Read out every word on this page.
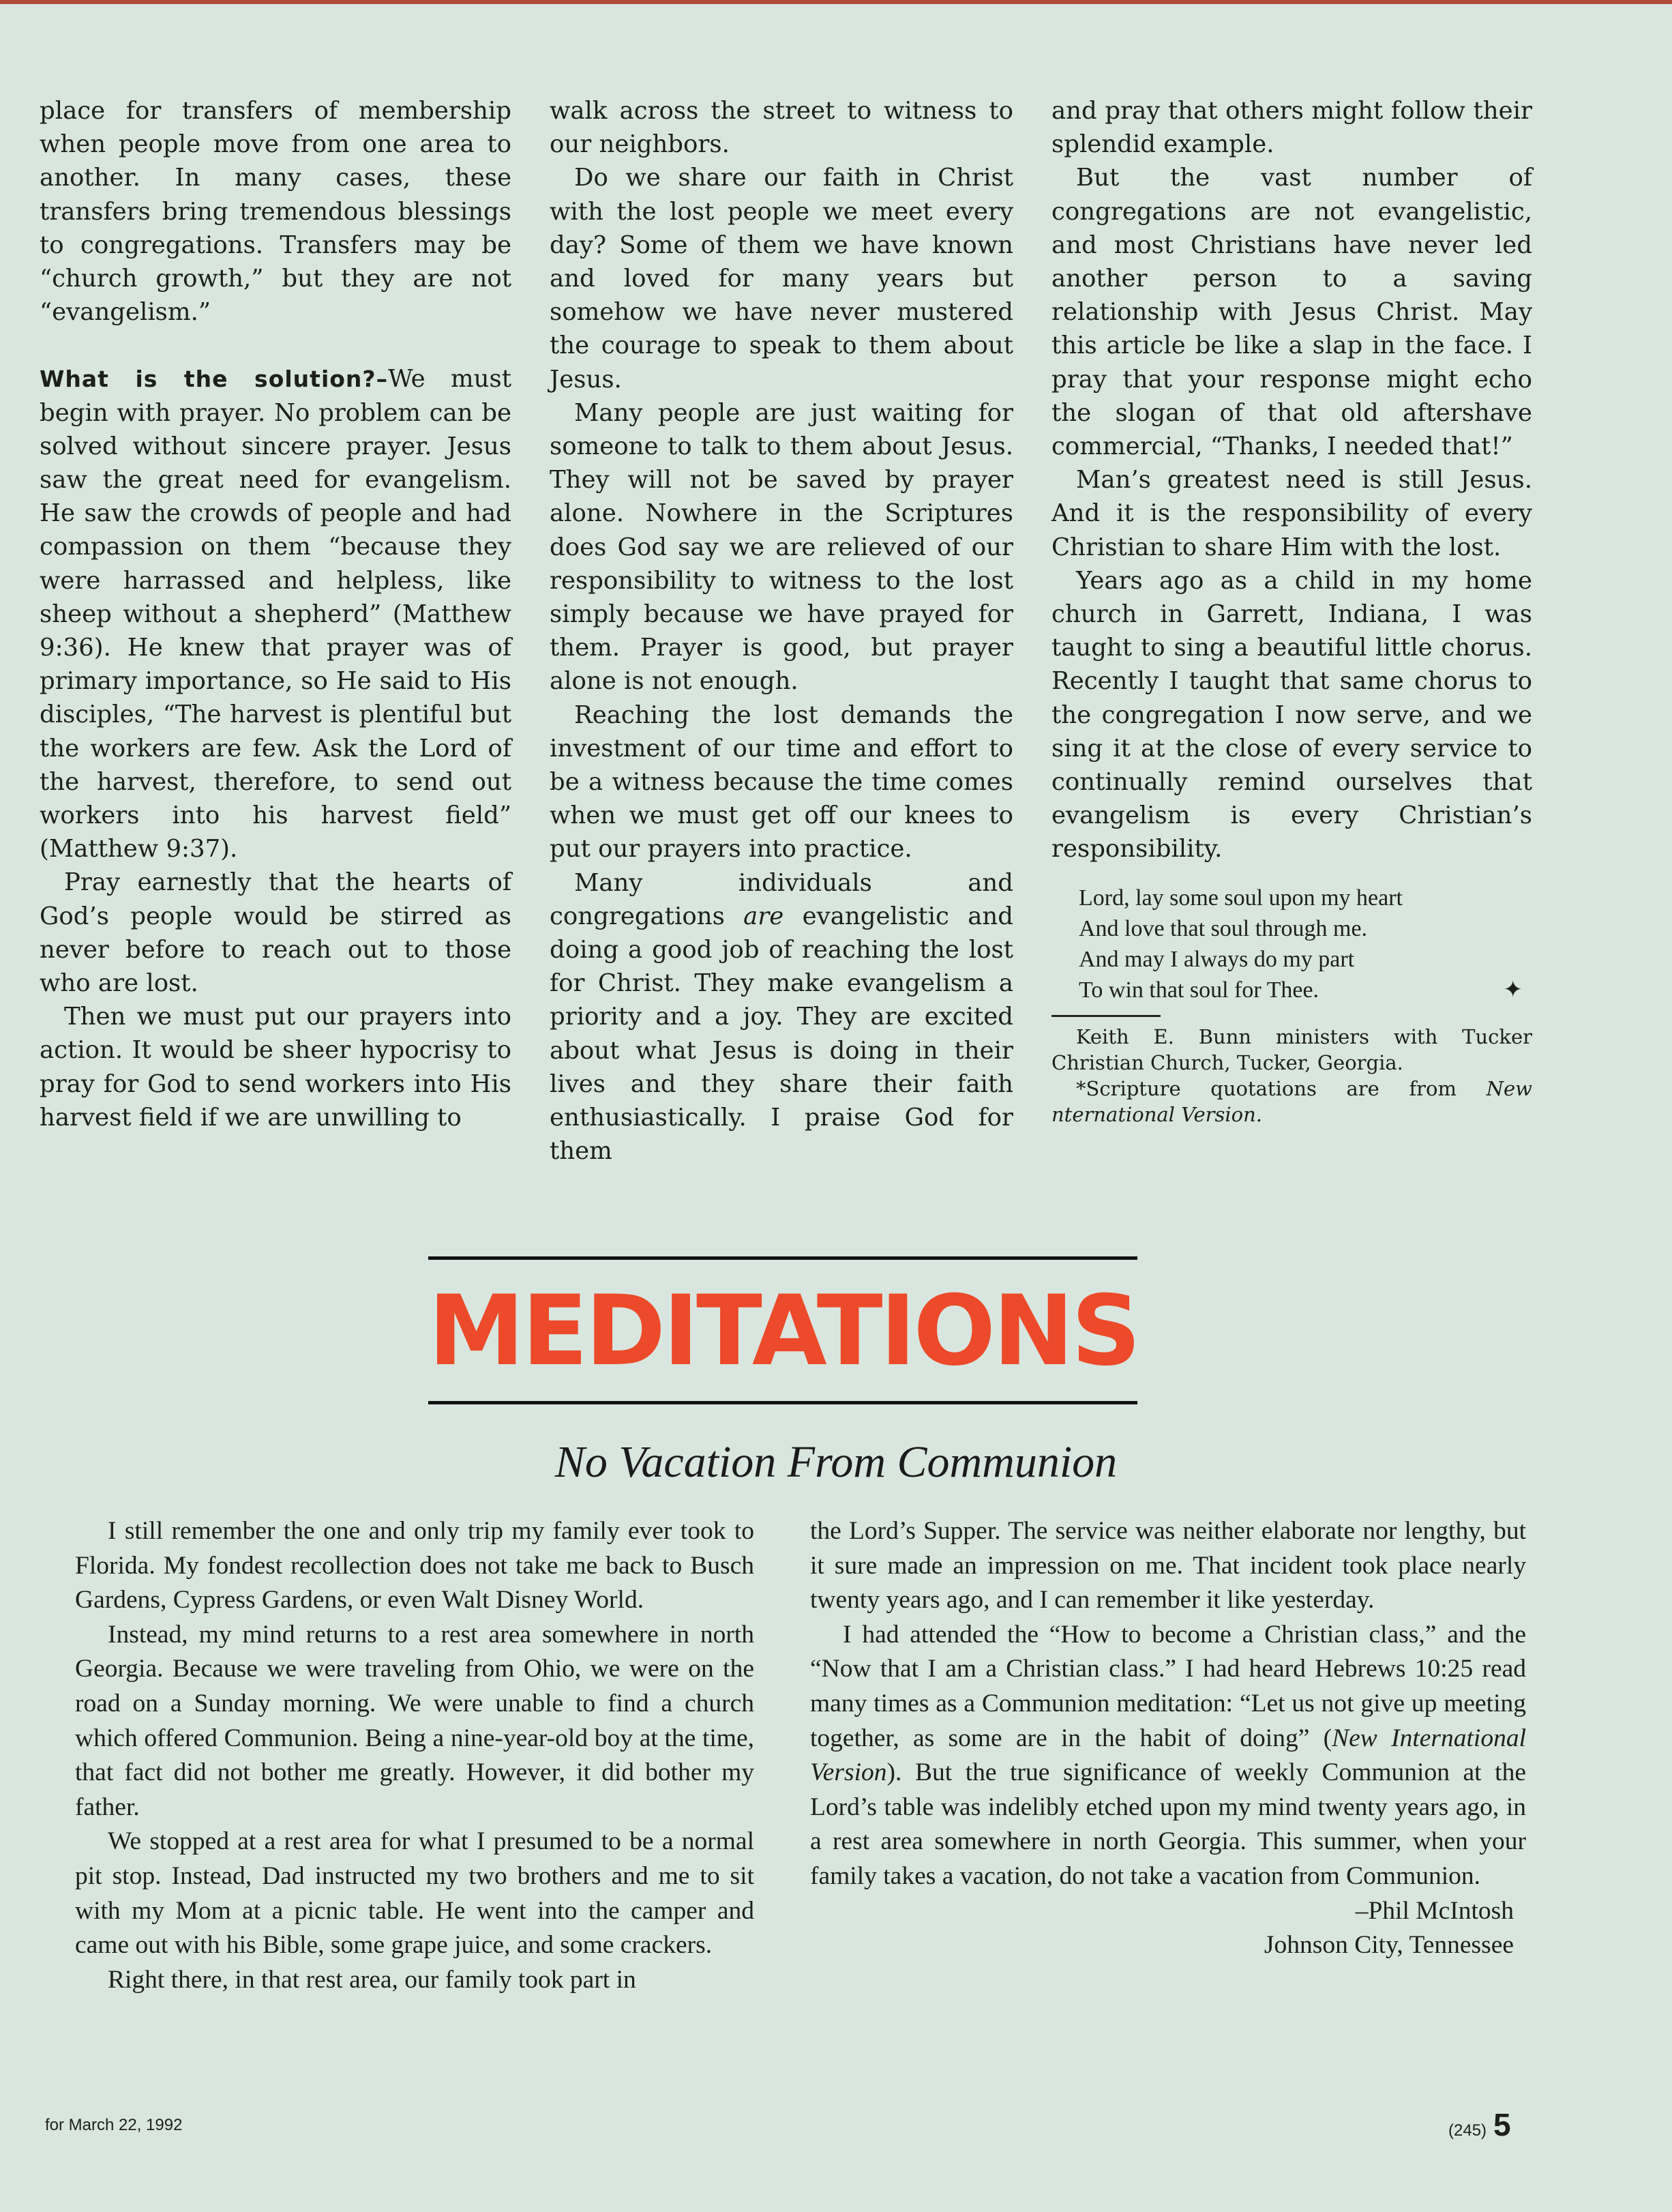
place for transfers of membership when people move from one area to another. In many cases, these transfers bring tremendous blessings to congregations. Transfers may be “church growth,” but they are not “evangelism.”

What is the solution?–We must begin with prayer. No problem can be solved without sincere prayer. Jesus saw the great need for evangelism. He saw the crowds of people and had compassion on them “because they were harrassed and helpless, like sheep without a shepherd” (Matthew 9:36). He knew that prayer was of primary importance, so He said to His disciples, “The harvest is plentiful but the workers are few. Ask the Lord of the harvest, therefore, to send out workers into his harvest field” (Matthew 9:37).

Pray earnestly that the hearts of God’s people would be stirred as never before to reach out to those who are lost.

Then we must put our prayers into action. It would be sheer hypocrisy to pray for God to send workers into His harvest field if we are unwilling to

walk across the street to witness to our neighbors.

Do we share our faith in Christ with the lost people we meet every day? Some of them we have known and loved for many years but somehow we have never mustered the courage to speak to them about Jesus.

Many people are just waiting for someone to talk to them about Jesus. They will not be saved by prayer alone. Nowhere in the Scriptures does God say we are relieved of our responsibility to witness to the lost simply because we have prayed for them. Prayer is good, but prayer alone is not enough.

Reaching the lost demands the investment of our time and effort to be a witness because the time comes when we must get off our knees to put our prayers into practice.

Many individuals and congregations are evangelistic and doing a good job of reaching the lost for Christ. They make evangelism a priority and a joy. They are excited about what Jesus is doing in their lives and they share their faith enthusiastically. I praise God for them

and pray that others might follow their splendid example.

But the vast number of congregations are not evangelistic, and most Christians have never led another person to a saving relationship with Jesus Christ. May this article be like a slap in the face. I pray that your response might echo the slogan of that old aftershave commercial, “Thanks, I needed that!”

Man’s greatest need is still Jesus. And it is the responsibility of every Christian to share Him with the lost.

Years ago as a child in my home church in Garrett, Indiana, I was taught to sing a beautiful little chorus. Recently I taught that same chorus to the congregation I now serve, and we sing it at the close of every service to continually remind ourselves that evangelism is every Christian’s responsibility.

Lord, lay some soul upon my heart
And love that soul through me.
And may I always do my part
To win that soul for Thee.	✦

Keith E. Bunn ministers with Tucker Christian Church, Tucker, Georgia.

*Scripture quotations are from New nternational Version.

MEDITATIONS
No Vacation From Communion

I still remember the one and only trip my family ever took to Florida. My fondest recollection does not take me back to Busch Gardens, Cypress Gardens, or even Walt Disney World.

Instead, my mind returns to a rest area somewhere in north Georgia. Because we were traveling from Ohio, we were on the road on a Sunday morning. We were unable to find a church which offered Communion. Being a nine-year-old boy at the time, that fact did not bother me greatly. However, it did bother my father.

We stopped at a rest area for what I presumed to be a normal pit stop. Instead, Dad instructed my two brothers and me to sit with my Mom at a picnic table. He went into the camper and came out with his Bible, some grape juice, and some crackers.

Right there, in that rest area, our family took part in

the Lord’s Supper. The service was neither elaborate nor lengthy, but it sure made an impression on me. That incident took place nearly twenty years ago, and I can remember it like yesterday.

I had attended the “How to become a Christian class,” and the “Now that I am a Christian class.” I had heard Hebrews 10:25 read many times as a Communion meditation: “Let us not give up meeting together, as some are in the habit of doing” (New International Version). But the true significance of weekly Communion at the Lord’s table was indelibly etched upon my mind twenty years ago, in a rest area somewhere in north Georgia. This summer, when your family takes a vacation, do not take a vacation from Communion.

–Phil McIntosh
Johnson City, Tennessee
for March 22, 1992	(245) 5
